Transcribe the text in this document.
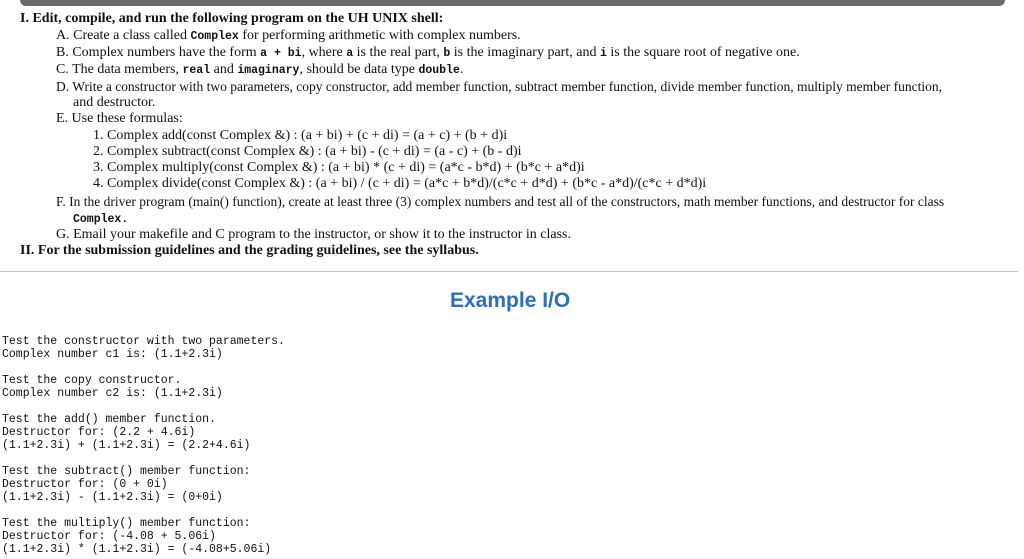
I. Edit, compile, and run the following program on the UH UNIX shell:
A. Create a class called Complex for performing arithmetic with complex numbers.
B. Complex numbers have the form a + bi, where a is the real part, b is the imaginary part, and i is the square root of negative one.
C. The data members, real and imaginary, should be data type double.
D. Write a constructor with two parameters, copy constructor, add member function, subtract member function, divide member function, multiply member function,
and destructor.
E. Use these formulas:
1. Complex add(const Complex &) : (a + bi) + (c + di) = (a + c) + (b + d)i
2. Complex subtract(const Complex &) : (a + bi) - (c + di) = (a - c) + (b - d)i
3. Complex multiply(const Complex &) : (a + bi) * (c + di) = (a*c - b*d) + (b*c + a*d)i
4. Complex divide(const Complex &) : (a + bi) / (c + di) = (a*c + b*d)/(c*c + d*d) + (b*c - a*d)/(c*c + d*d)i
F. In the driver program (main() function), create at least three (3) complex numbers and test all of the constructors, math member functions, and destructor for class
Complex.
G. Email your makefile and C program to the instructor, or show it to the instructor in class.
II. For the submission guidelines and the grading guidelines, see the syllabus.
Example I/O
Test the constructor with two parameters.
Complex number c1 is: (1.1+2.3i)
Test the copy constructor.
Complex number c2 is: (1.1+2.3i)
Test the add() member function.
Destructor for: (2.2 + 4.6i)
(1.1+2.3i) + (1.1+2.3i) = (2.2+4.6i)
Test the subtract() member function:
Destructor for: (0 + 0i)
(1.1+2.3i) - (1.1+2.3i) = (0+0i)
Test the multiply() member function:
Destructor for: (-4.08 + 5.06i)
(1.1+2.3i) * (1.1+2.3i) = (-4.08+5.06i)
